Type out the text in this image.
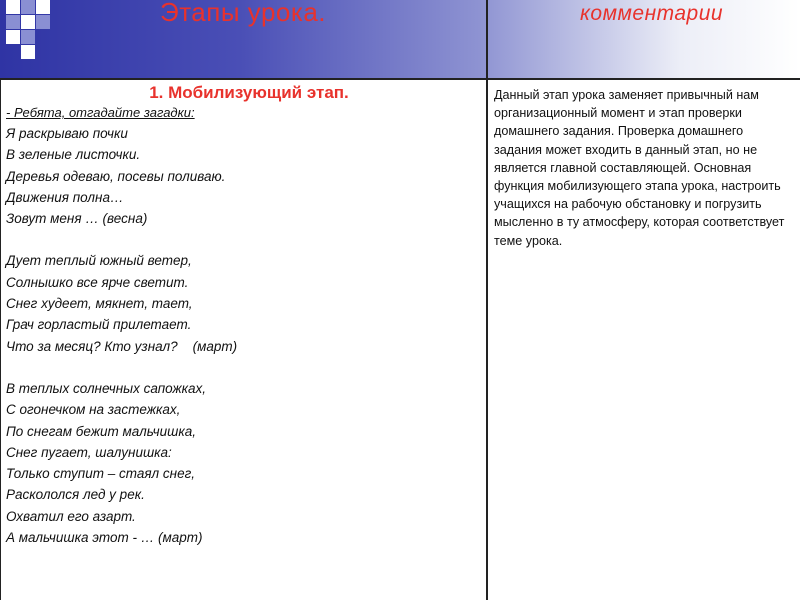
Этапы урока.	комментарии
1. Мобилизующий этап.
- Ребята, отгадайте загадки:
Я раскрываю почки
В зеленые листочки.
Деревья одеваю, посевы поливаю.
Движения полна…
Зовут меня … (весна)
Дует теплый южный ветер,
Солнышко все ярче светит.
Снег худеет, мякнет, тает,
Грач горластый прилетает.
Что за месяц? Кто узнал?    (март)
В теплых солнечных сапожках,
С огонечком на застежках,
По снегам бежит мальчишка,
Снег пугает, шалунишка:
Только ступит – стаял снег,
Раскололся лед у рек.
Охватил его азарт.
А мальчишка этот - … (март)
Данный этап урока заменяет привычный нам организационный момент и этап проверки домашнего задания. Проверка домашнего задания может входить в данный этап, но не является главной составляющей. Основная функция мобилизующего этапа урока, настроить учащихся на рабочую обстановку и погрузить мысленно в ту атмосферу, которая соответствует теме урока.
